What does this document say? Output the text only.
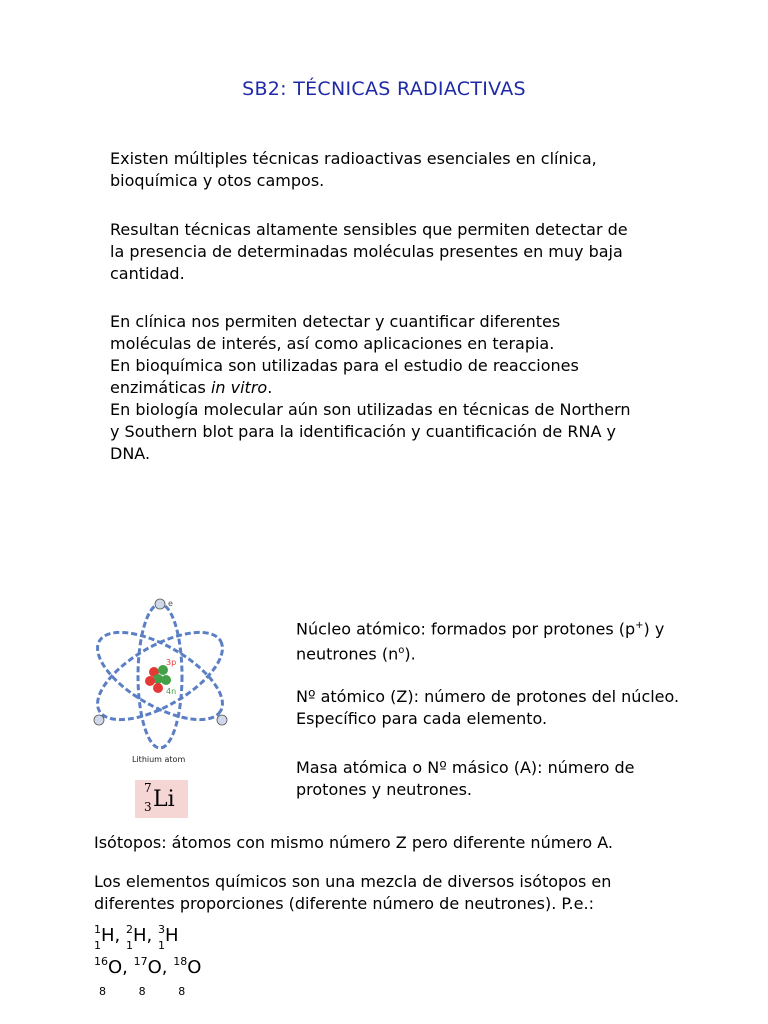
SB2: TÉCNICAS RADIACTIVAS
Existen múltiples técnicas radioactivas esenciales en clínica,
bioquímica y otos campos.
Resultan técnicas altamente sensibles que permiten detectar de
la presencia de determinadas moléculas presentes en muy baja
cantidad.
En clínica nos permiten detectar y cuantificar diferentes
moléculas de interés, así como aplicaciones en terapia.
En bioquímica son utilizadas para el estudio de reacciones
enzimáticas in vitro.
En biología molecular aún son utilizadas en técnicas de Northern
y Southern blot para la identificación y cuantificación de RNA y
DNA.
e
3p
4n
Lithium atom
7
3 Li
Núcleo atómico: formados por protones (p+) y
neutrones $(n^o)$.
Nº atómico (Z): número de protones del núcleo.
Específico para cada elemento.
Masa atómica o Nº másico (A): número de
protones y neutrones.
Isótopos: átomos con mismo número Z pero diferente número A.
Los elementos químicos son una mezcla de diversos isótopos en
diferentes proporciones (diferente número de neutrones). P.e.:
$^1$H
1 , $^2$H
1 , $^3$H
1
$^{16}$O
8
, $^{17}$O
8
, $^{18}$O
8
